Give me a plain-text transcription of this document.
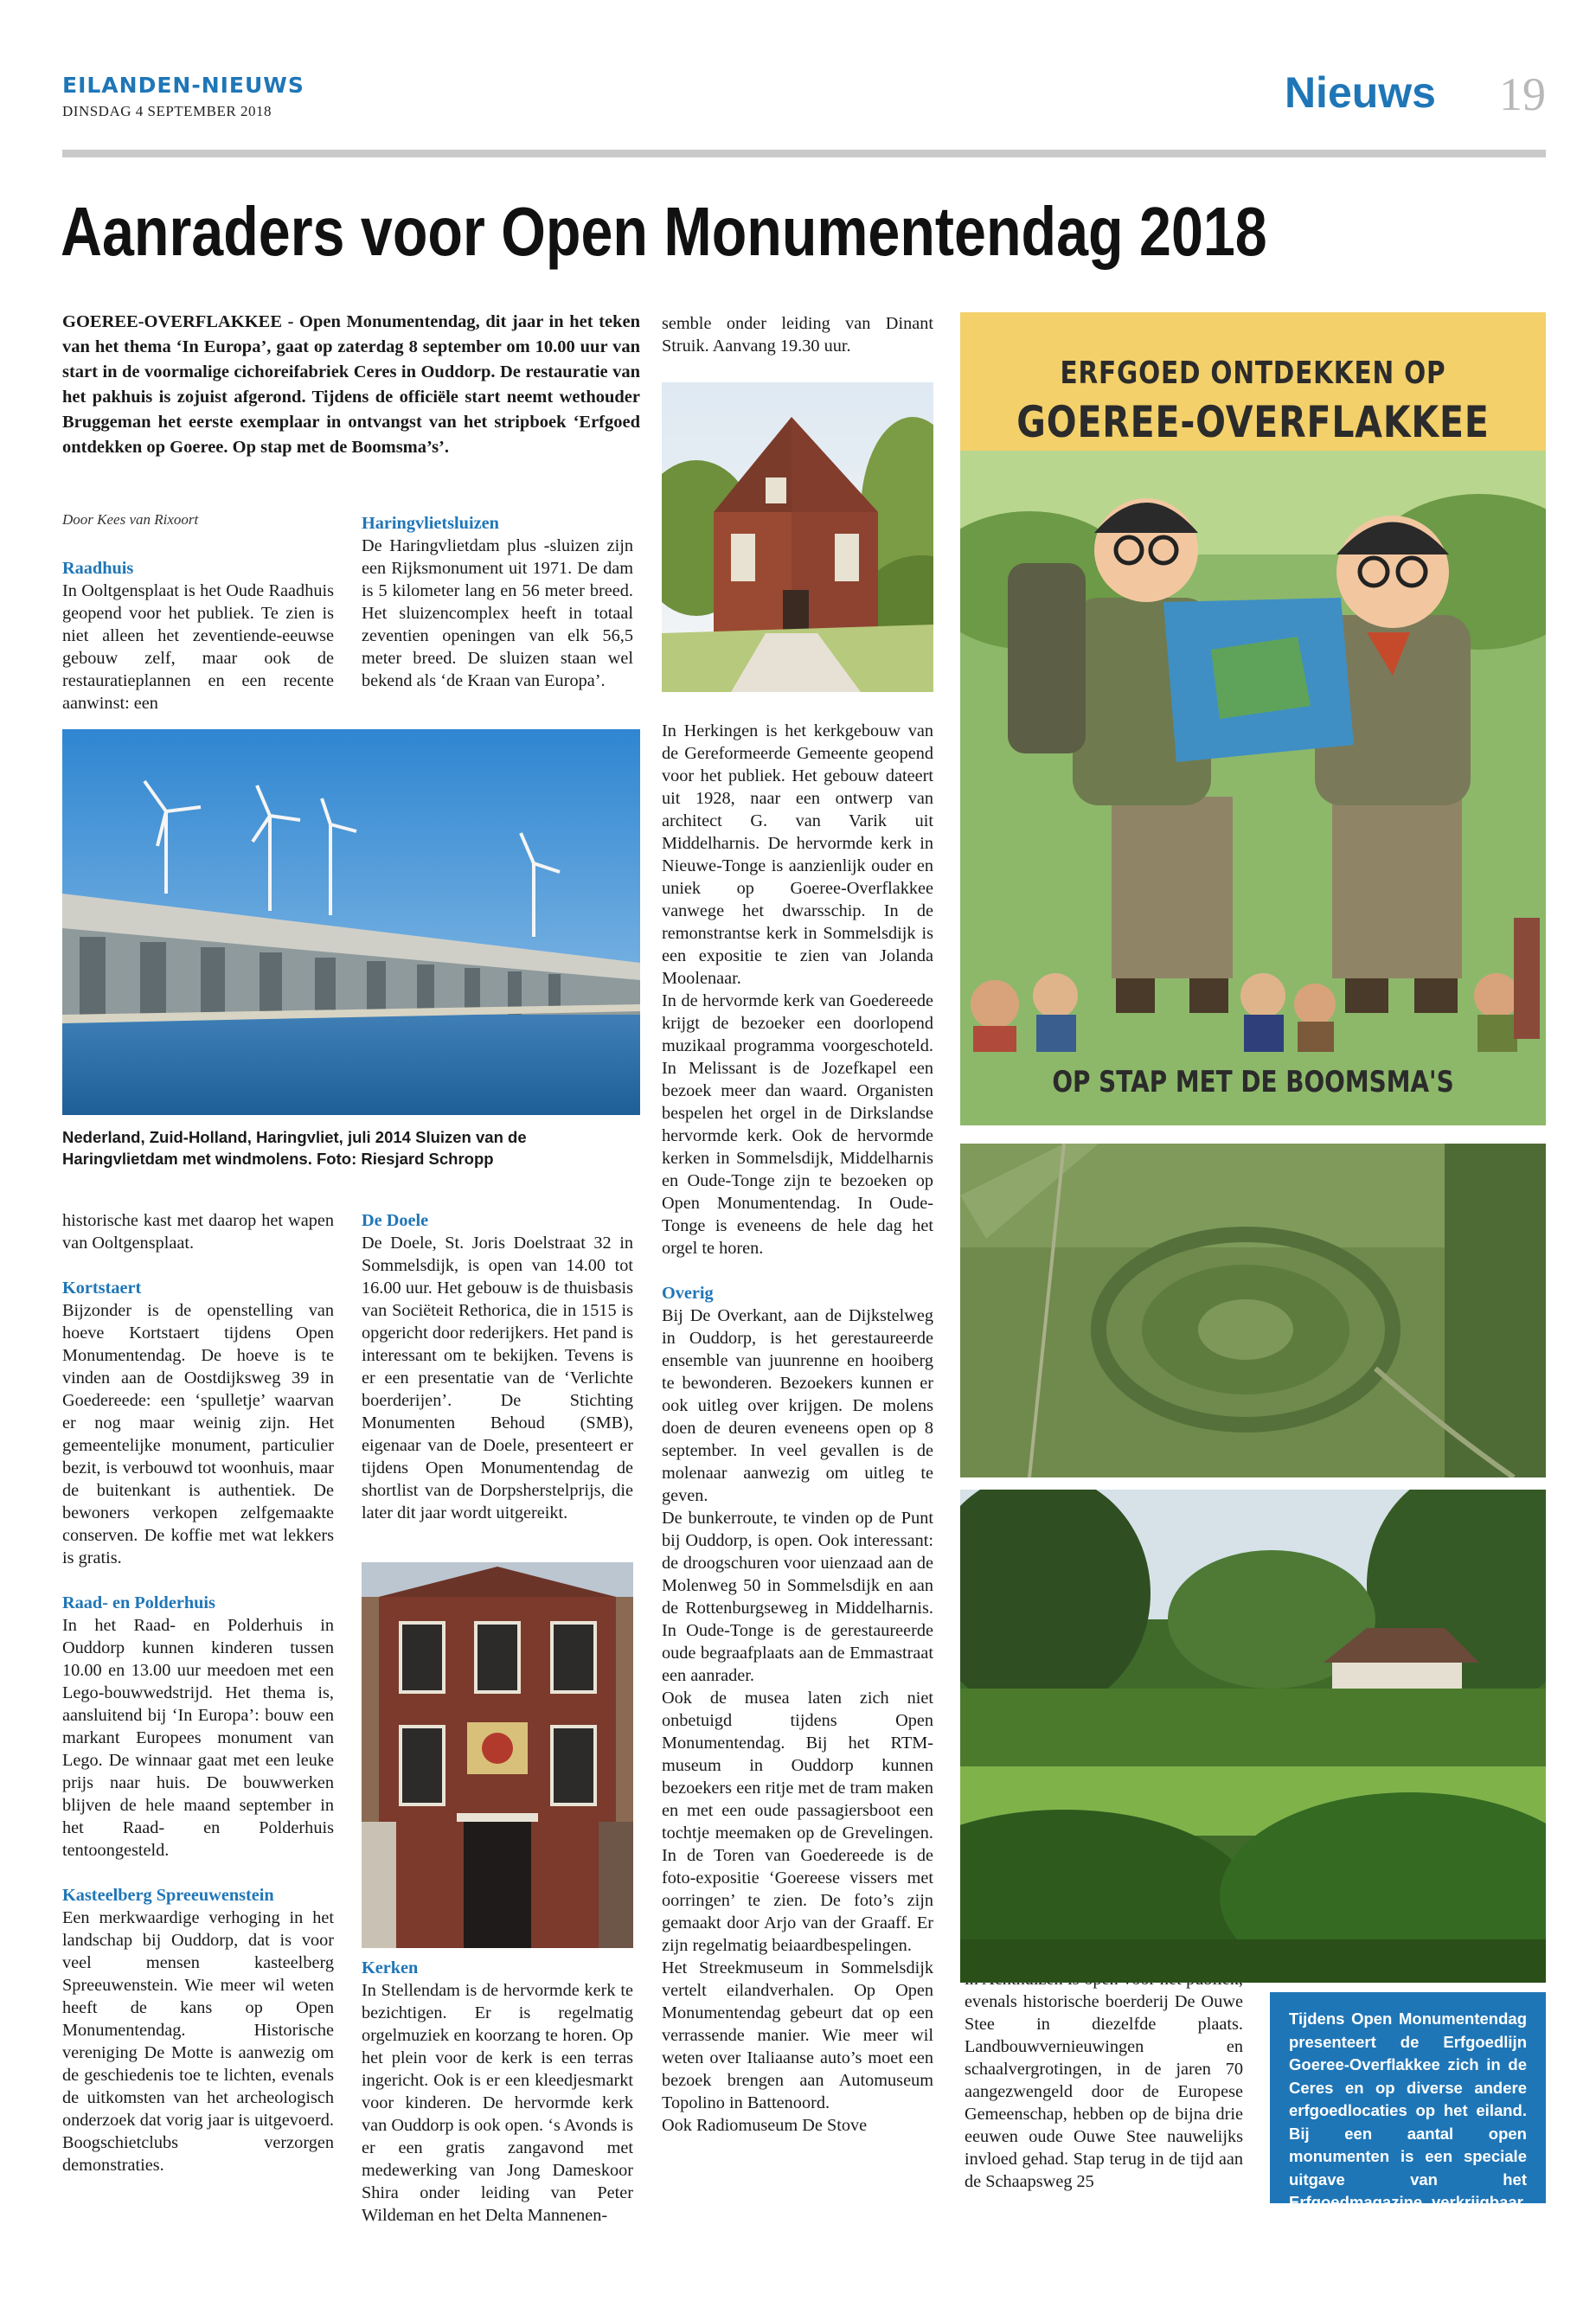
EILANDEN-NIEUWS
DINSDAG 4 SEPTEMBER 2018	Nieuws 19
Aanraders voor Open Monumentendag 2018
GOEREE-OVERFLAKKEE - Open Monumentendag, dit jaar in het teken van het thema ‘In Europa’, gaat op zaterdag 8 september om 10.00 uur van start in de voormalige cichoreifabriek Ceres in Ouddorp. De restauratie van het pakhuis is zojuist afgerond. Tijdens de officiële start neemt wethouder Bruggeman het eerste exemplaar in ontvangst van het stripboek ‘Erfgoed ontdekken op Goeree. Op stap met de Boomsma’s’.
Door Kees van Rixoort
Raadhuis

In Ooltgensplaat is het Oude Raadhuis geopend voor het publiek. Te zien is niet alleen het zeventiende-eeuwse gebouw zelf, maar ook de restauratieplannen en een recente aanwinst: een

Haringvlietsluizen

De Haringvlietdam plus -sluizen zijn een Rijksmonument uit 1971. De dam is 5 kilometer lang en 56 meter breed. Het sluizencomplex heeft in totaal zeventien openingen van elk 56,5 meter breed. De sluizen staan wel bekend als ‘de Kraan van Europa’.

semble onder leiding van Dinant Struik. Aanvang 19.30 uur.

Nederland, Zuid-Holland, Haringvliet, juli 2014 Sluizen van de Haringvlietdam met windmolens. Foto: Riesjard Schropp

historische kast met daarop het wapen van Ooltgensplaat.

Kortstaert

Bijzonder is de openstelling van hoeve Kortstaert tijdens Open Monumentendag. De hoeve is te vinden aan de Oostdijksweg 39 in Goedereede: een ‘spulletje’ waarvan er nog maar weinig zijn. Het gemeentelijke monument, particulier bezit, is verbouwd tot woonhuis, maar de buitenkant is authentiek. De bewoners verkopen zelfgemaakte conserven. De koffie met wat lekkers is gratis.

Raad- en Polderhuis

In het Raad- en Polderhuis in Ouddorp kunnen kinderen tussen 10.00 en 13.00 uur meedoen met een Lego-bouwwedstrijd. Het thema is, aansluitend bij ‘In Europa’: bouw een markant Europees monument van Lego. De winnaar gaat met een leuke prijs naar huis. De bouwwerken blijven de hele maand september in het Raad- en Polderhuis tentoongesteld.

Kasteelberg Spreeuwenstein

Een merkwaardige verhoging in het landschap bij Ouddorp, dat is voor veel mensen kasteelberg Spreeuwenstein. Wie meer wil weten heeft de kans op Open Monumentendag. Historische vereniging De Motte is aanwezig om de geschiedenis toe te lichten, evenals de uitkomsten van het archeologisch onderzoek dat vorig jaar is uitgevoerd. Boogschietclubs verzorgen demonstraties.

De Doele

De Doele, St. Joris Doelstraat 32 in Sommelsdijk, is open van 14.00 tot 16.00 uur. Het gebouw is de thuisbasis van Sociëteit Rethorica, die in 1515 is opgericht door rederijkers. Het pand is interessant om te bekijken. Tevens is er een presentatie van de ‘Verlichte boerderijen’. De Stichting Monumenten Behoud (SMB), eigenaar van de Doele, presenteert er tijdens Open Monumentendag de shortlist van de Dorpsherstelprijs, die later dit jaar wordt uitgereikt.

Kerken

In Stellendam is de hervormde kerk te bezichtigen. Er is regelmatig orgelmuziek en koorzang te horen. Op het plein voor de kerk is een terras ingericht. Ook is er een kleedjesmarkt voor kinderen. De hervormde kerk van Ouddorp is ook open. ‘s Avonds is er een gratis zangavond met medewerking van Jong Dameskoor Shira onder leiding van Peter Wildeman en het Delta Mannenen-

In Herkingen is het kerkgebouw van de Gereformeerde Gemeente geopend voor het publiek. Het gebouw dateert uit 1928, naar een ontwerp van architect G. van Varik uit Middelharnis. De hervormde kerk in Nieuwe-Tonge is aanzienlijk ouder en uniek op Goeree-Overflakkee vanwege het dwarsschip. In de remonstrantse kerk in Sommelsdijk is een expositie te zien van Jolanda Moolenaar.
In de hervormde kerk van Goedereede krijgt de bezoeker een doorlopend muzikaal programma voorgeschoteld. In Melissant is de Jozefkapel een bezoek meer dan waard. Organisten bespelen het orgel in de Dirkslandse hervormde kerk. Ook de hervormde kerken in Sommelsdijk, Middelharnis en Oude-Tonge zijn te bezoeken op Open Monumentendag. In Oude-Tonge is eveneens de hele dag het orgel te horen.

Overig

Bij De Overkant, aan de Dijkstelweg in Ouddorp, is het gerestaureerde ensemble van juunrenne en hooiberg te bewonderen. Bezoekers kunnen er ook uitleg over krijgen. De molens doen de deuren eveneens open op 8 september. In veel gevallen is de molenaar aanwezig om uitleg te geven.
De bunkerroute, te vinden op de Punt bij Ouddorp, is open. Ook interessant: de droogschuren voor uienzaad aan de Molenweg 50 in Sommelsdijk en aan de Rottenburgseweg in Middelharnis. In Oude-Tonge is de gerestaureerde oude begraafplaats aan de Emmastraat een aanrader.
Ook de musea laten zich niet onbetuigd tijdens Open Monumentendag. Bij het RTM-museum in Ouddorp kunnen bezoekers een ritje met de tram maken en met een oude passagiersboot een tochtje meemaken op de Grevelingen. In de Toren van Goedereede is de foto-expositie ‘Goereese vissers met oorringen’ te zien. De foto’s zijn gemaakt door Arjo van der Graaff. Er zijn regelmatig beiaardbespelingen.
Het Streekmuseum in Sommelsdijk vertelt eilandverhalen. Op Open Monumentendag gebeurt dat op een verrassende manier. Wie meer wil weten over Italiaanse auto’s moet een bezoek brengen aan Automuseum Topolino in Battenoord.
Ook Radiomuseum De Stove

evenals historische boerderij De Ouwe Stee in diezelfde plaats. Landbouwvernieuwingen en schaalvergrotingen, in de jaren 70 aangezwengeld door de Europese Gemeenschap, hebben op de bijna drie eeuwen oude Ouwe Stee nauwelijks invloed gehad. Stap terug in de tijd aan de Schaapsweg 25

ERFGOED ONTDEKKEN OP
GOEREE-OVERFLAKKEE
OP STAP MET DE BOOMSMA'S
Tijdens Open Monumentendag presenteert de Erfgoedlijn Goeree-Overflakkee zich in de Ceres en op diverse andere erfgoedlocaties op het eiland. Bij een aantal open monumenten is een speciale uitgave van het Erfgoedmagazine verkrijgbaar. Dit magazine is gratis.
